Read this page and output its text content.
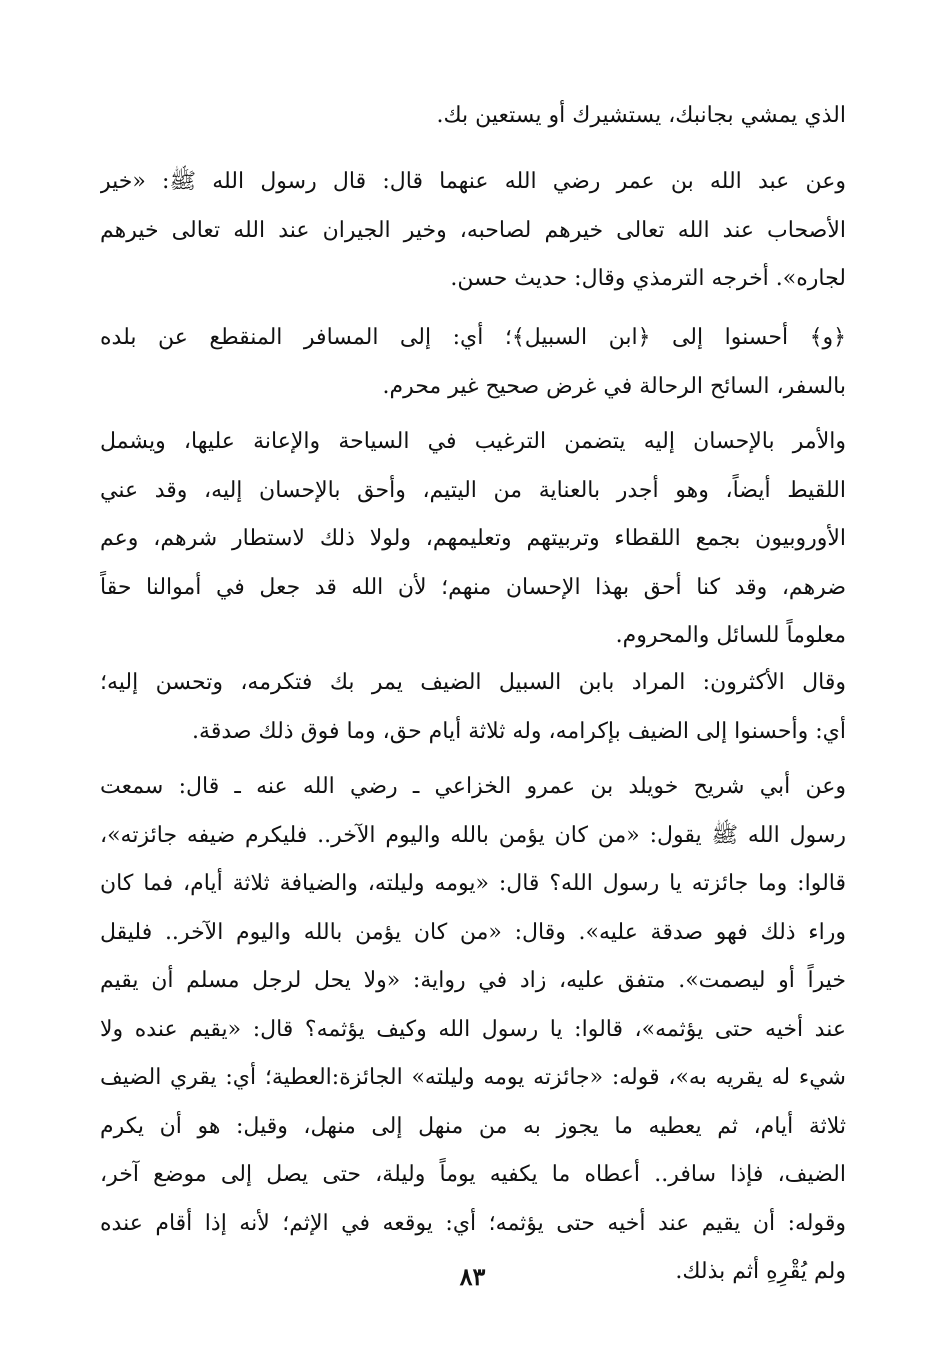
الذي يمشي بجانبك، يستشيرك أو يستعين بك.
وعن عبد الله بن عمر رضي الله عنهما قال: قال رسول الله ﷺ: «خير
الأصحاب عند الله تعالى خيرهم لصاحبه، وخير الجيران عند الله تعالى خيرهم
لجاره». أخرجه الترمذي وقال: حديث حسن.
﴿و﴾ أحسنوا إلى ﴿ابن السبيل﴾؛ أي: إلى المسافر المنقطع عن بلده
بالسفر، السائح الرحالة في غرض صحيح غير محرم.
والأمر بالإحسان إليه يتضمن الترغيب في السياحة والإعانة عليها، ويشمل
اللقيط أيضاً، وهو أجدر بالعناية من اليتيم، وأحق بالإحسان إليه، وقد عني
الأوروبيون بجمع اللقطاء وتربيتهم وتعليمهم، ولولا ذلك لاستطار شرهم، وعم
ضرهم، وقد كنا أحق بهذا الإحسان منهم؛ لأن الله قد جعل في أموالنا حقاً
معلوماً للسائل والمحروم.
وقال الأكثرون: المراد بابن السبيل الضيف يمر بك فتكرمه، وتحسن إليه؛
أي: وأحسنوا إلى الضيف بإكرامه، وله ثلاثة أيام حق، وما فوق ذلك صدقة.
وعن أبي شريح خويلد بن عمرو الخزاعي ـ رضي الله عنه ـ قال: سمعت
رسول الله ﷺ يقول: «من كان يؤمن بالله واليوم الآخر.. فليكرم ضيفه جائزته»،
قالوا: وما جائزته يا رسول الله؟ قال: «يومه وليلته، والضيافة ثلاثة أيام، فما كان
وراء ذلك فهو صدقة عليه». وقال: «من كان يؤمن بالله واليوم الآخر.. فليقل
خيراً أو ليصمت». متفق عليه، زاد في رواية: «ولا يحل لرجل مسلم أن يقيم
عند أخيه حتى يؤثمه»، قالوا: يا رسول الله وكيف يؤثمه؟ قال: «يقيم عنده ولا
شيء له يقريه به»، قوله: «جائزته يومه وليلته» الجائزة:العطية؛ أي: يقري الضيف
ثلاثة أيام، ثم يعطيه ما يجوز به من منهل إلى منهل، وقيل: هو أن يكرم
الضيف، فإذا سافر.. أعطاه ما يكفيه يوماً وليلة، حتى يصل إلى موضع آخر،
وقوله: أن يقيم عند أخيه حتى يؤثمه؛ أي: يوقعه في الإثم؛ لأنه إذا أقام عنده
ولم يُقْرِهِ أثم بذلك.
٨٣
